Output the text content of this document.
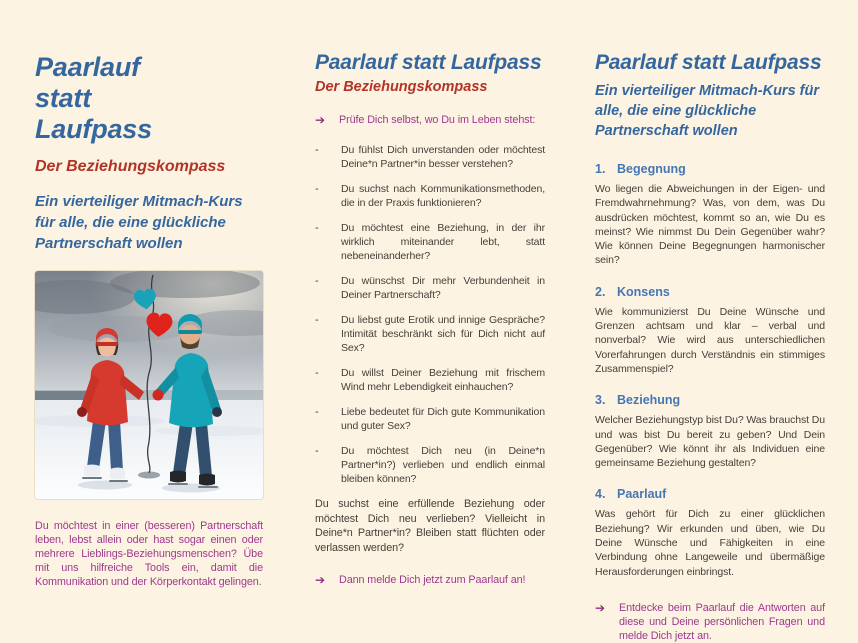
Paarlauf
statt
Laufpass
Der Beziehungskompass
Ein vierteiliger Mitmach-Kurs für alle, die eine glückliche Partnerschaft wollen

Du möchtest in einer (besseren) Partnerschaft leben, lebst allein oder hast sogar einen oder mehrere Lieblings-Beziehungsmenschen? Übe mit uns hilfreiche Tools ein, damit die Kommunikation und der Körperkontakt gelingen.

Paarlauf statt Laufpass
Der Beziehungskompass
➔	Prüfe Dich selbst, wo Du im Leben stehst:
-	Du fühlst Dich unverstanden oder möchtest Deine*n Partner*in besser verstehen?
-	Du suchst nach Kommunikationsmethoden, die in der Praxis funktionieren?
-	Du möchtest eine Beziehung, in der ihr wirklich miteinander lebt, statt nebeneinanderher?
-	Du wünschst Dir mehr Verbundenheit in Deiner Partnerschaft?
-	Du liebst gute Erotik und innige Gespräche? Intimität beschränkt sich für Dich nicht auf Sex?
-	Du willst Deiner Beziehung mit frischem Wind mehr Lebendigkeit einhauchen?
-	Liebe bedeutet für Dich gute Kommunikation und guter Sex?
-	Du möchtest Dich neu (in Deine*n Partner*in?) verlieben und endlich einmal bleiben können?

Du suchst eine erfüllende Beziehung oder möchtest Dich neu verlieben? Vielleicht in Deine*n Partner*in? Bleiben statt flüchten oder verlassen werden?

➔	Dann melde Dich jetzt zum Paarlauf an!
Paarlauf statt Laufpass
Ein vierteiliger Mitmach-Kurs für alle, die eine glückliche Partnerschaft wollen
1. Begegnung

Wo liegen die Abweichungen in der Eigen- und Fremdwahrnehmung? Was, von dem, was Du ausdrücken möchtest, kommt so an, wie Du es meinst? Wie nimmst Du Dein Gegenüber wahr? Wie können Deine Begegnungen harmonischer sein?

2. Konsens

Wie kommunizierst Du Deine Wünsche und Grenzen achtsam und klar – verbal und nonverbal? Wie wird aus unterschiedlichen Vorerfahrungen durch Verständnis ein stimmiges Zusammenspiel?

3. Beziehung

Welcher Beziehungstyp bist Du? Was brauchst Du und was bist Du bereit zu geben? Und Dein Gegenüber? Wie könnt ihr als Individuen eine gemeinsame Beziehung gestalten?

4. Paarlauf

Was gehört für Dich zu einer glücklichen Beziehung? Wir erkunden und üben, wie Du Deine Wünsche und Fähigkeiten in eine Verbindung ohne Langeweile und übermäßige Herausforderungen einbringst.

➔	Entdecke beim Paarlauf die Antworten auf diese und Deine persönlichen Fragen und melde Dich jetzt an.
